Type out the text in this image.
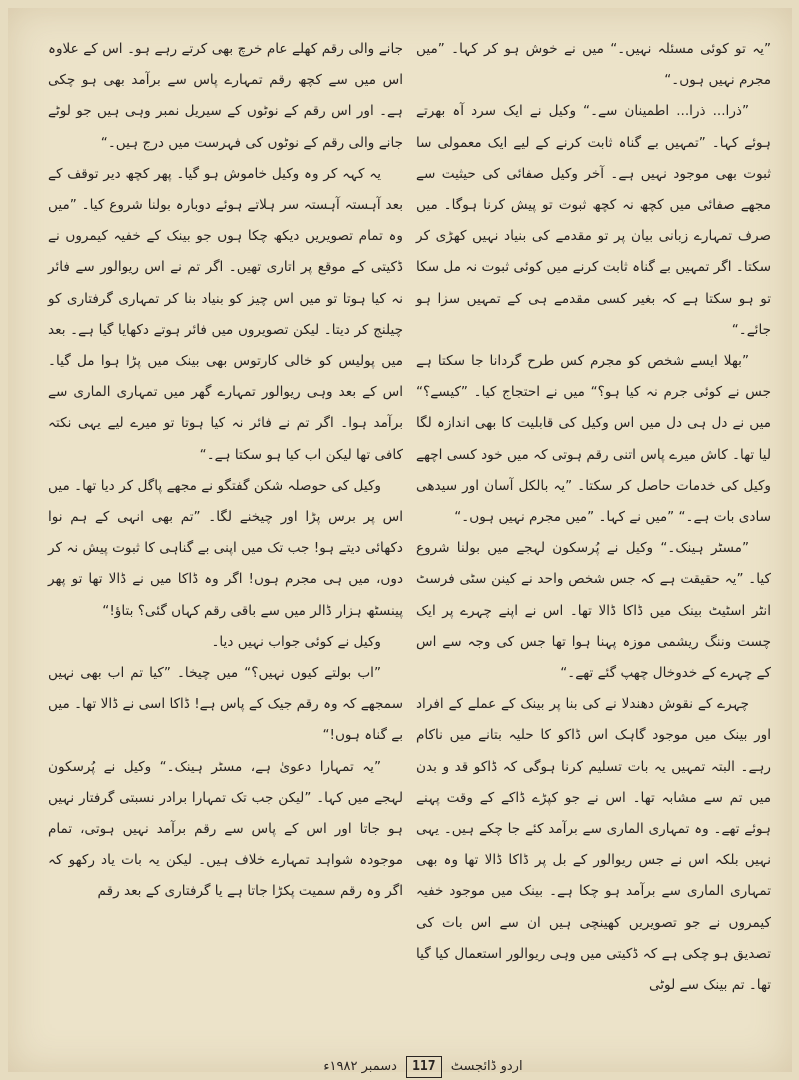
”یہ تو کوئی مسئلہ نہیں۔“ میں نے خوش ہو کر کہا۔ ”میں مجرم نہیں ہوں۔“

”ذرا... ذرا... اطمینان سے۔“ وکیل نے ایک سرد آہ بھرتے ہوئے کہا۔ ”تمہیں بے گناہ ثابت کرنے کے لیے ایک معمولی سا ثبوت بھی موجود نہیں ہے۔ آخر وکیل صفائی کی حیثیت سے مجھے صفائی میں کچھ نہ کچھ ثبوت تو پیش کرنا ہوگا۔ میں صرف تمہارے زبانی بیان پر تو مقدمے کی بنیاد نہیں کھڑی کر سکتا۔ اگر تمہیں بے گناہ ثابت کرنے میں کوئی ثبوت نہ مل سکا تو ہو سکتا ہے کہ بغیر کسی مقدمے ہی کے تمہیں سزا ہو جائے۔“

”بھلا ایسے شخص کو مجرم کس طرح گردانا جا سکتا ہے جس نے کوئی جرم نہ کیا ہو؟“ میں نے احتجاج کیا۔ ”کیسے؟“ میں نے دل ہی دل میں اس وکیل کی قابلیت کا بھی اندازہ لگا لیا تھا۔ کاش میرے پاس اتنی رقم ہوتی کہ میں خود کسی اچھے وکیل کی خدمات حاصل کر سکتا۔ ”یہ بالکل آسان اور سیدھی سادی بات ہے۔“ ”میں نے کہا۔ ”میں مجرم نہیں ہوں۔“

”مسٹر ہینک۔“ وکیل نے پُرسکون لہجے میں بولنا شروع کیا۔ ”یہ حقیقت ہے کہ جس شخص واحد نے کینن سٹی فرسٹ انٹر اسٹیٹ بینک میں ڈاکا ڈالا تھا۔ اس نے اپنے چہرے پر ایک چست وننگ ریشمی موزہ پہنا ہوا تھا جس کی وجہ سے اس کے چہرے کے خدوخال چھپ گئے تھے۔“

چہرے کے نقوش دھندلا نے کی بنا پر بینک کے عملے کے افراد اور بینک میں موجود گاہک اس ڈاکو کا حلیہ بتانے میں ناکام رہے۔ البتہ تمہیں یہ بات تسلیم کرنا ہوگی کہ ڈاکو قد و بدن میں تم سے مشابہ تھا۔ اس نے جو کپڑے ڈاکے کے وقت پہنے ہوئے تھے۔ وہ تمہاری الماری سے برآمد کئے جا چکے ہیں۔ یہی نہیں بلکہ اس نے جس ریوالور کے بل پر ڈاکا ڈالا تھا وہ بھی تمہاری الماری سے برآمد ہو چکا ہے۔ بینک میں موجود خفیہ کیمروں نے جو تصویریں کھینچی ہیں ان سے اس بات کی تصدیق ہو چکی ہے کہ ڈکیتی میں وہی ریوالور استعمال کیا گیا تھا۔ تم بینک سے لوٹی

جانے والی رقم کھلے عام خرچ بھی کرتے رہے ہو۔ اس کے علاوہ اس میں سے کچھ رقم تمہارے پاس سے برآمد بھی ہو چکی ہے۔ اور اس رقم کے نوٹوں کے سیریل نمبر وہی ہیں جو لوٹے جانے والی رقم کے نوٹوں کی فہرست میں درج ہیں۔“

یہ کہہ کر وہ وکیل خاموش ہو گیا۔ پھر کچھ دیر توقف کے بعد آہستہ آہستہ سر ہلاتے ہوئے دوبارہ بولنا شروع کیا۔ ”میں وہ تمام تصویریں دیکھ چکا ہوں جو بینک کے خفیہ کیمروں نے ڈکیتی کے موقع پر اتاری تھیں۔ اگر تم نے اس ریوالور سے فائر نہ کیا ہوتا تو میں اس چیز کو بنیاد بنا کر تمہاری گرفتاری کو چیلنج کر دیتا۔ لیکن تصویروں میں فائر ہوتے دکھایا گیا ہے۔ بعد میں پولیس کو خالی کارتوس بھی بینک میں پڑا ہوا مل گیا۔ اس کے بعد وہی ریوالور تمہارے گھر میں تمہاری الماری سے برآمد ہوا۔ اگر تم نے فائر نہ کیا ہوتا تو میرے لیے یہی نکتہ کافی تھا لیکن اب کیا ہو سکتا ہے۔“

وکیل کی حوصلہ شکن گفتگو نے مجھے پاگل کر دیا تھا۔ میں اس پر برس پڑا اور چیخنے لگا۔ ”تم بھی انہی کے ہم نوا دکھائی دیتے ہو! جب تک میں اپنی بے گناہی کا ثبوت پیش نہ کر دوں، میں ہی مجرم ہوں! اگر وہ ڈاکا میں نے ڈالا تھا تو پھر پینسٹھ ہزار ڈالر میں سے باقی رقم کہاں گئی؟ بتاؤ!“

وکیل نے کوئی جواب نہیں دیا۔

”اب بولتے کیوں نہیں؟“ میں چیخا۔ ”کیا تم اب بھی نہیں سمجھے کہ وہ رقم جیک کے پاس ہے! ڈاکا اسی نے ڈالا تھا۔ میں بے گناہ ہوں!“

”یہ تمہارا دعویٰ ہے، مسٹر ہینک۔“ وکیل نے پُرسکون لہجے میں کہا۔ ”لیکن جب تک تمہارا برادر نسبتی گرفتار نہیں ہو جاتا اور اس کے پاس سے رقم برآمد نہیں ہوتی، تمام موجودہ شواہد تمہارے خلاف ہیں۔ لیکن یہ بات یاد رکھو کہ اگر وہ رقم سمیت پکڑا جاتا ہے یا گرفتاری کے بعد رقم

اردو ڈائجسٹ 117 دسمبر ۱۹۸۲ء
